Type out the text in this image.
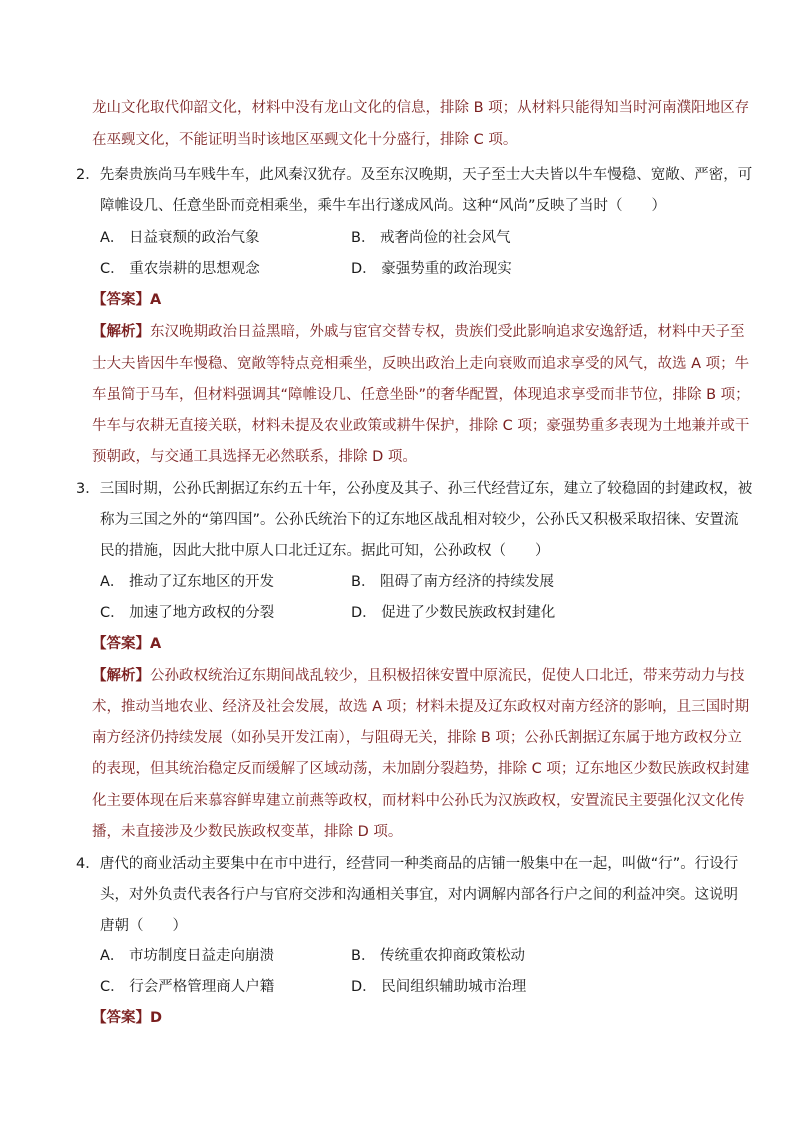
龙山文化取代仰韶文化，材料中没有龙山文化的信息，排除 B 项；从材料只能得知当时河南濮阳地区存
在巫觋文化，不能证明当时该地区巫觋文化十分盛行，排除 C 项。
2．先秦贵族尚马车贱牛车，此风秦汉犹存。及至东汉晚期，天子至士大夫皆以牛车慢稳、宽敞、严密，可
障帷设几、任意坐卧而竞相乘坐，乘牛车出行遂成风尚。这种“风尚”反映了当时（　　）
A． 日益衰颓的政治气象	B． 戒奢尚俭的社会风气
C． 重农崇耕的思想观念	D． 豪强势重的政治现实
【答案】A
【解析】东汉晚期政治日益黑暗，外戚与宦官交替专权，贵族们受此影响追求安逸舒适，材料中天子至
士大夫皆因牛车慢稳、宽敞等特点竞相乘坐，反映出政治上走向衰败而追求享受的风气，故选 A 项；牛
车虽简于马车，但材料强调其“障帷设几、任意坐卧”的奢华配置，体现追求享受而非节位，排除 B 项；
牛车与农耕无直接关联，材料未提及农业政策或耕牛保护，排除 C 项；豪强势重多表现为土地兼并或干
预朝政，与交通工具选择无必然联系，排除 D 项。
3．三国时期，公孙氏割据辽东约五十年，公孙度及其子、孙三代经营辽东，建立了较稳固的封建政权，被
称为三国之外的“第四国”。公孙氏统治下的辽东地区战乱相对较少，公孙氏又积极采取招徕、安置流
民的措施，因此大批中原人口北迁辽东。据此可知，公孙政权（　　）
A． 推动了辽东地区的开发	B． 阻碍了南方经济的持续发展
C． 加速了地方政权的分裂	D． 促进了少数民族政权封建化
【答案】A
【解析】公孙政权统治辽东期间战乱较少，且积极招徕安置中原流民，促使人口北迁，带来劳动力与技
术，推动当地农业、经济及社会发展，故选 A 项；材料未提及辽东政权对南方经济的影响，且三国时期
南方经济仍持续发展（如孙吴开发江南），与阻碍无关，排除 B 项；公孙氏割据辽东属于地方政权分立
的表现，但其统治稳定反而缓解了区域动荡，未加剧分裂趋势，排除 C 项；辽东地区少数民族政权封建
化主要体现在后来慕容鲜卑建立前燕等政权，而材料中公孙氏为汉族政权，安置流民主要强化汉文化传
播，未直接涉及少数民族政权变革，排除 D 项。
4．唐代的商业活动主要集中在市中进行，经营同一种类商品的店铺一般集中在一起，叫做“行”。行设行
头，对外负责代表各行户与官府交涉和沟通相关事宜，对内调解内部各行户之间的利益冲突。这说明
唐朝（　　）
A． 市坊制度日益走向崩溃	B． 传统重农抑商政策松动
C． 行会严格管理商人户籍	D． 民间组织辅助城市治理
【答案】D
